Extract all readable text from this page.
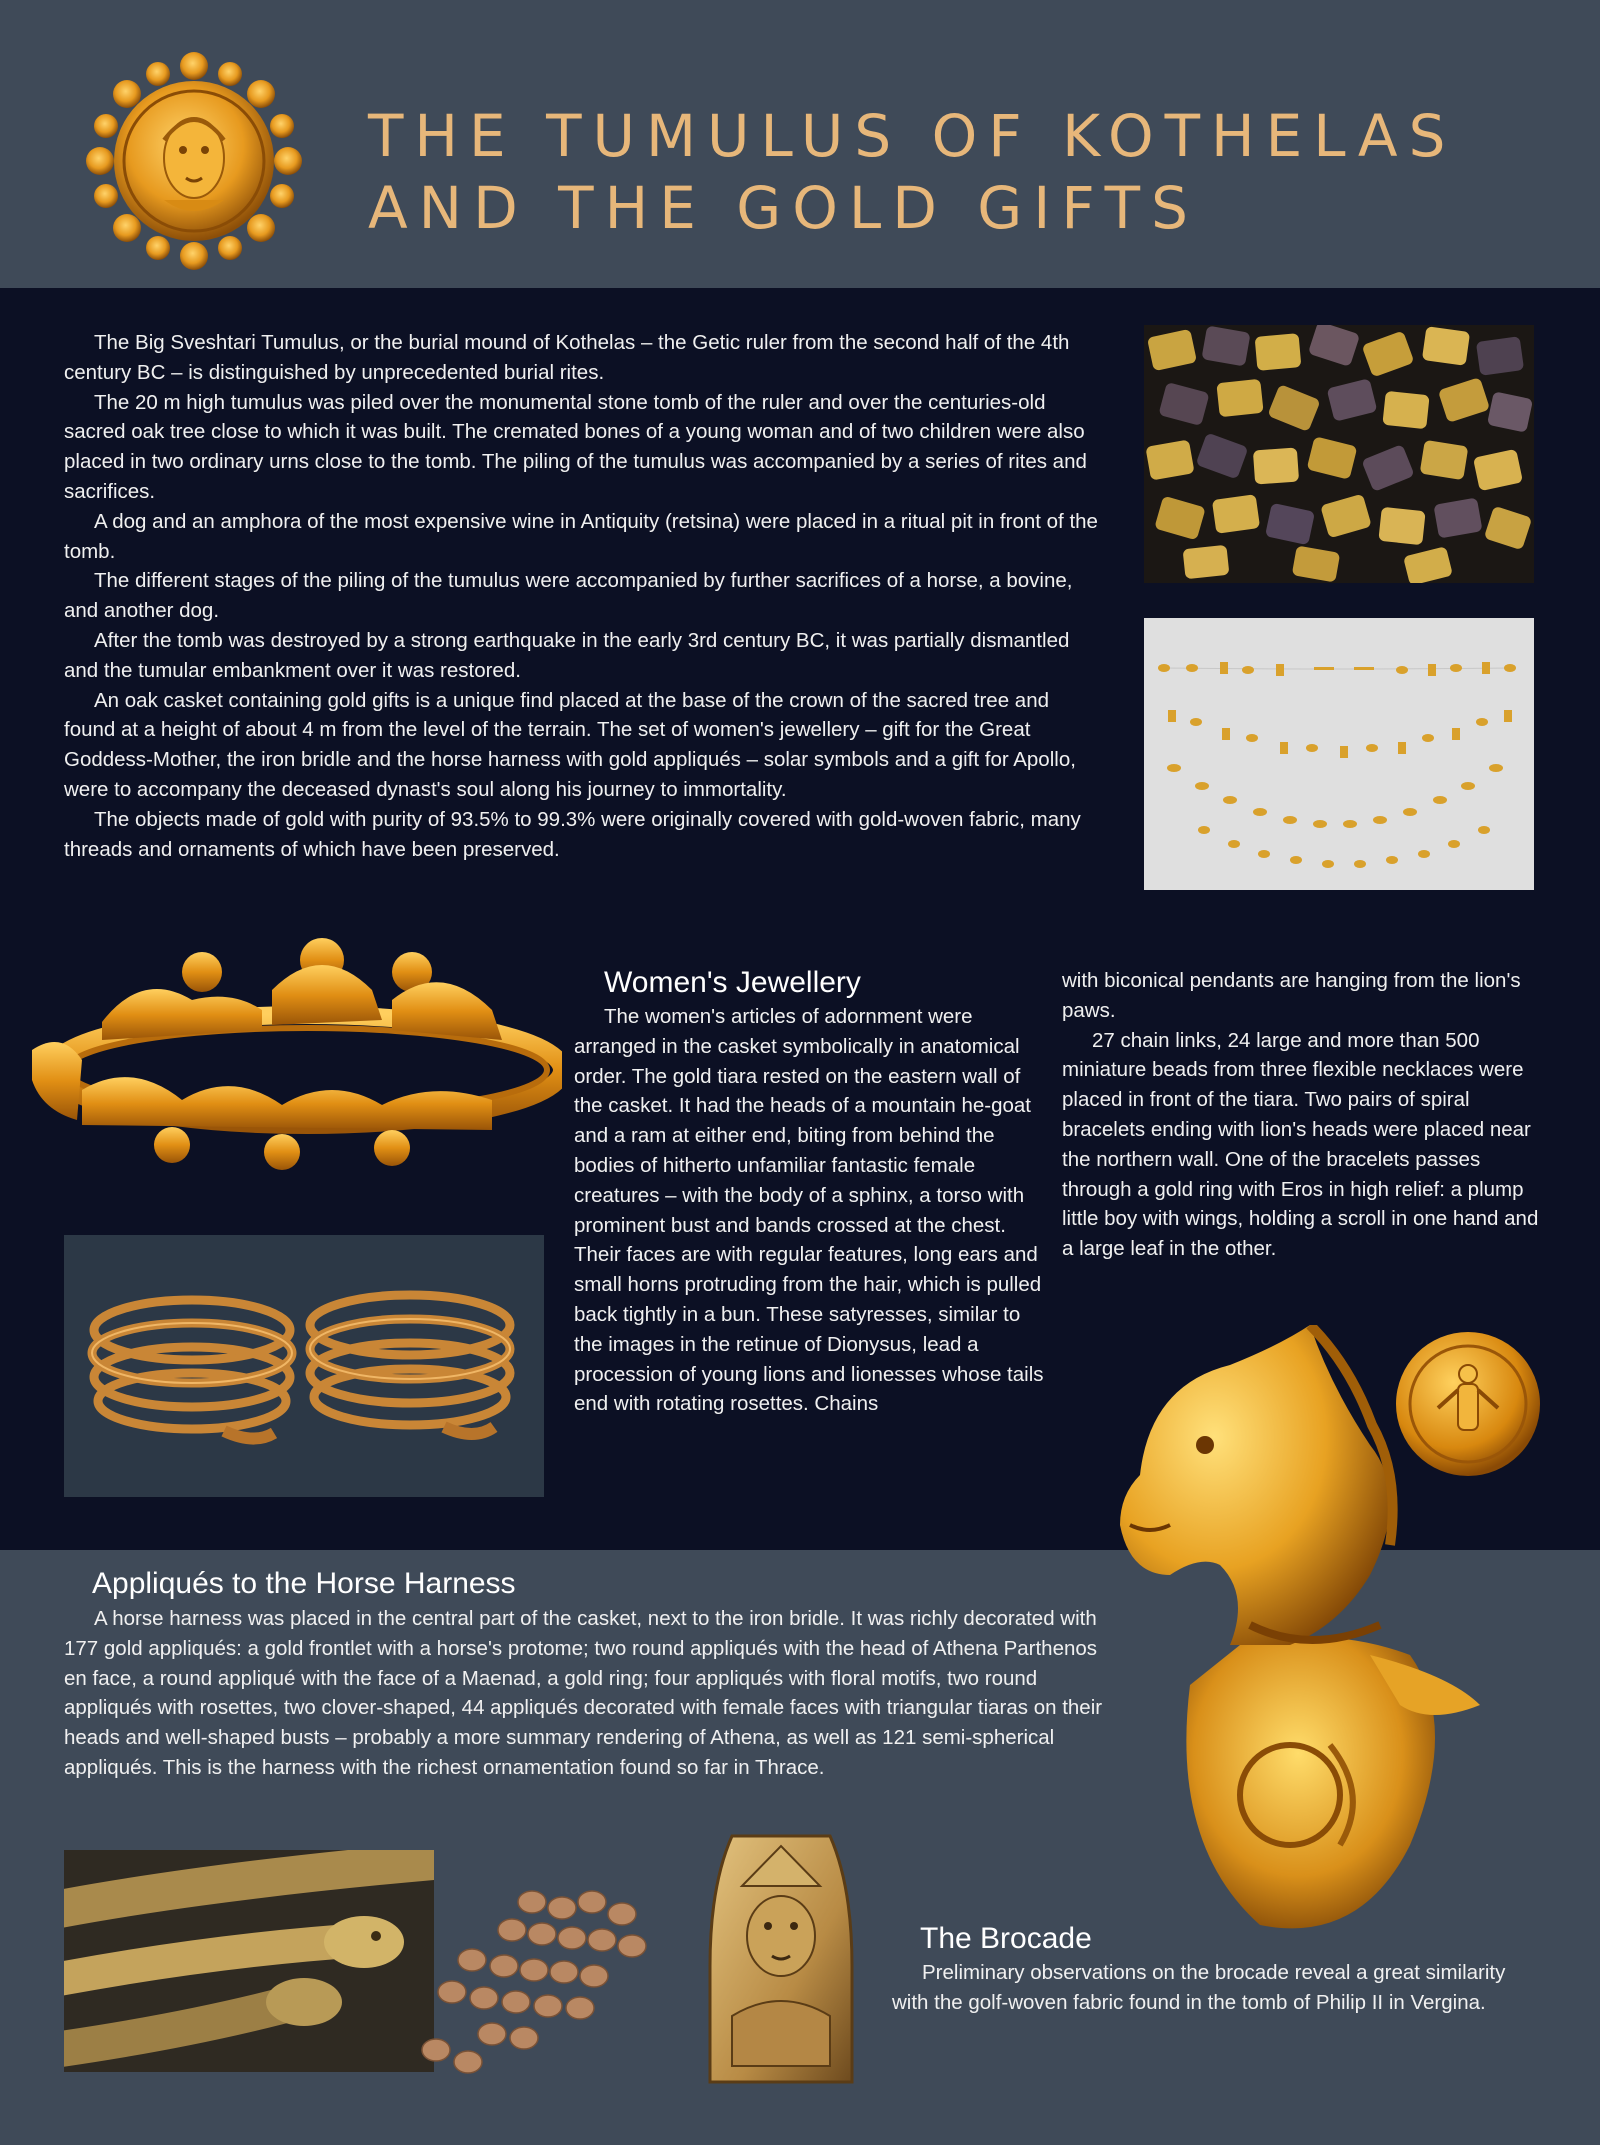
THE TUMULUS OF KOTHELAS
AND THE GOLD GIFTS

The Big Sveshtari Tumulus, or the burial mound of Kothelas – the Getic ruler from the second half of the 4th century BC – is distinguished by unprecedented burial rites.

The 20 m high tumulus was piled over the monumental stone tomb of the ruler and over the centuries-old sacred oak tree close to which it was built. The cremated bones of a young woman and of two children were also placed in two ordinary urns close to the tomb. The piling of the tumulus was accompanied by a series of rites and sacrifices.

A dog and an amphora of the most expensive wine in Antiquity (retsina) were placed in a ritual pit in front of the tomb.

The different stages of the piling of the tumulus were accompanied by further sacrifices of a horse, a bovine, and another dog.

After the tomb was destroyed by a strong earthquake in the early 3rd century BC, it was partially dismantled and the tumular embankment over it was restored.

An oak casket containing gold gifts is a unique find placed at the base of the crown of the sacred tree and found at a height of about 4 m from the level of the terrain. The set of women's jewellery – gift for the Great Goddess-Mother, the iron bridle and the horse harness with gold appliqués – solar symbols and a gift for Apollo, were to accompany the deceased dynast's soul along his journey to immortality.

The objects made of gold with purity of 93.5% to 99.3% were originally covered with gold-woven fabric, many threads and ornaments of which have been preserved.

Women's Jewellery

The women's articles of adornment were arranged in the casket symbolically in anatomical order. The gold tiara rested on the eastern wall of the casket. It had the heads of a mountain he-goat and a ram at either end, biting from behind the bodies of hitherto unfamiliar fantastic female creatures – with the body of a sphinx, a torso with prominent bust and bands crossed at the chest. Their faces are with regular features, long ears and small horns protruding from the hair, which is pulled back tightly in a bun. These satyresses, similar to the images in the retinue of Dionysus, lead a procession of young lions and lionesses whose tails end with rotating rosettes. Chains

with biconical pendants are hanging from the lion's paws.

27 chain links, 24 large and more than 500 miniature beads from three flexible necklaces were placed in front of the tiara. Two pairs of spiral bracelets ending with lion's heads were placed near the northern wall. One of the bracelets passes through a gold ring with Eros in high relief: a plump little boy with wings, holding a scroll in one hand and a large leaf in the other.

Appliqués to the Horse Harness

A horse harness was placed in the central part of the casket, next to the iron bridle. It was richly decorated with 177 gold appliqués: a gold frontlet with a horse's protome; two round appliqués with the head of Athena Parthenos en face, a round appliqué with the face of a Maenad, a gold ring; four appliqués with floral motifs, two round appliqués with rosettes, two clover-shaped, 44 appliqués decorated with female faces with triangular tiaras on their heads and well-shaped busts – probably a more summary rendering of Athena, as well as 121 semi-spherical appliqués. This is the harness with the richest ornamentation found so far in Thrace.

The Brocade

Preliminary observations on the brocade reveal a great similarity with the golf-woven fabric found in the tomb of Philip II in Vergina.
